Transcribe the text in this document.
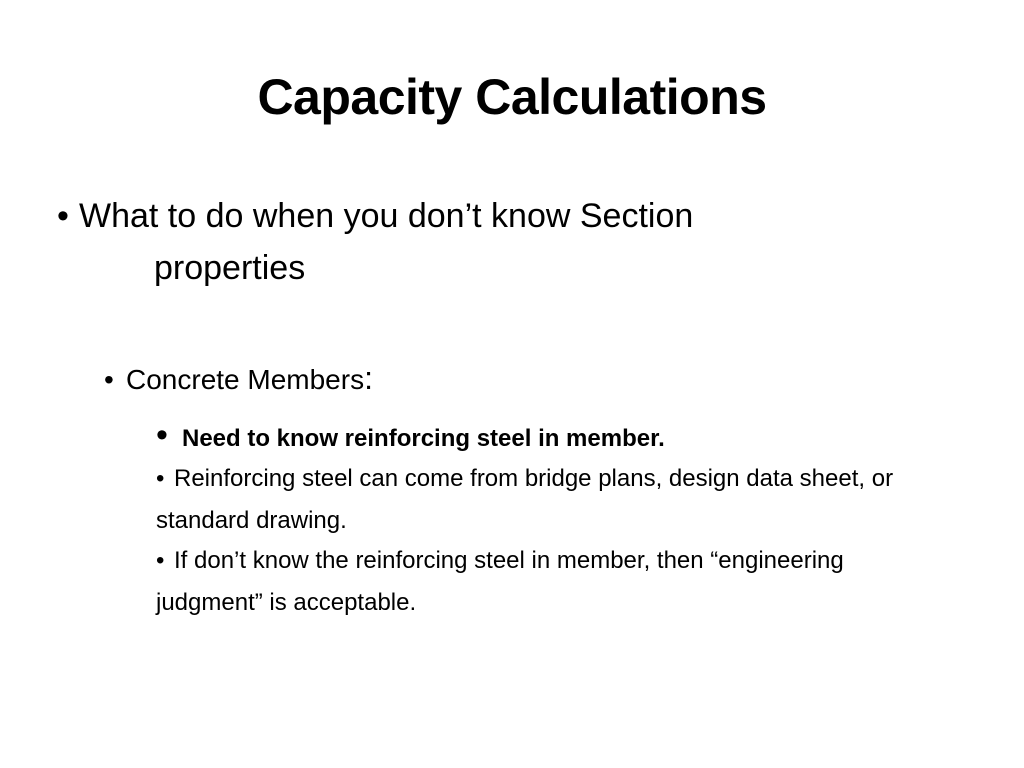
Capacity Calculations
• What to do when you don’t know Section
properties
• Concrete Members:
• Need to know reinforcing steel in member.
• Reinforcing steel can come from bridge plans, design data sheet, or standard drawing.
• If don’t know the reinforcing steel in member, then “engineering judgment” is acceptable.
